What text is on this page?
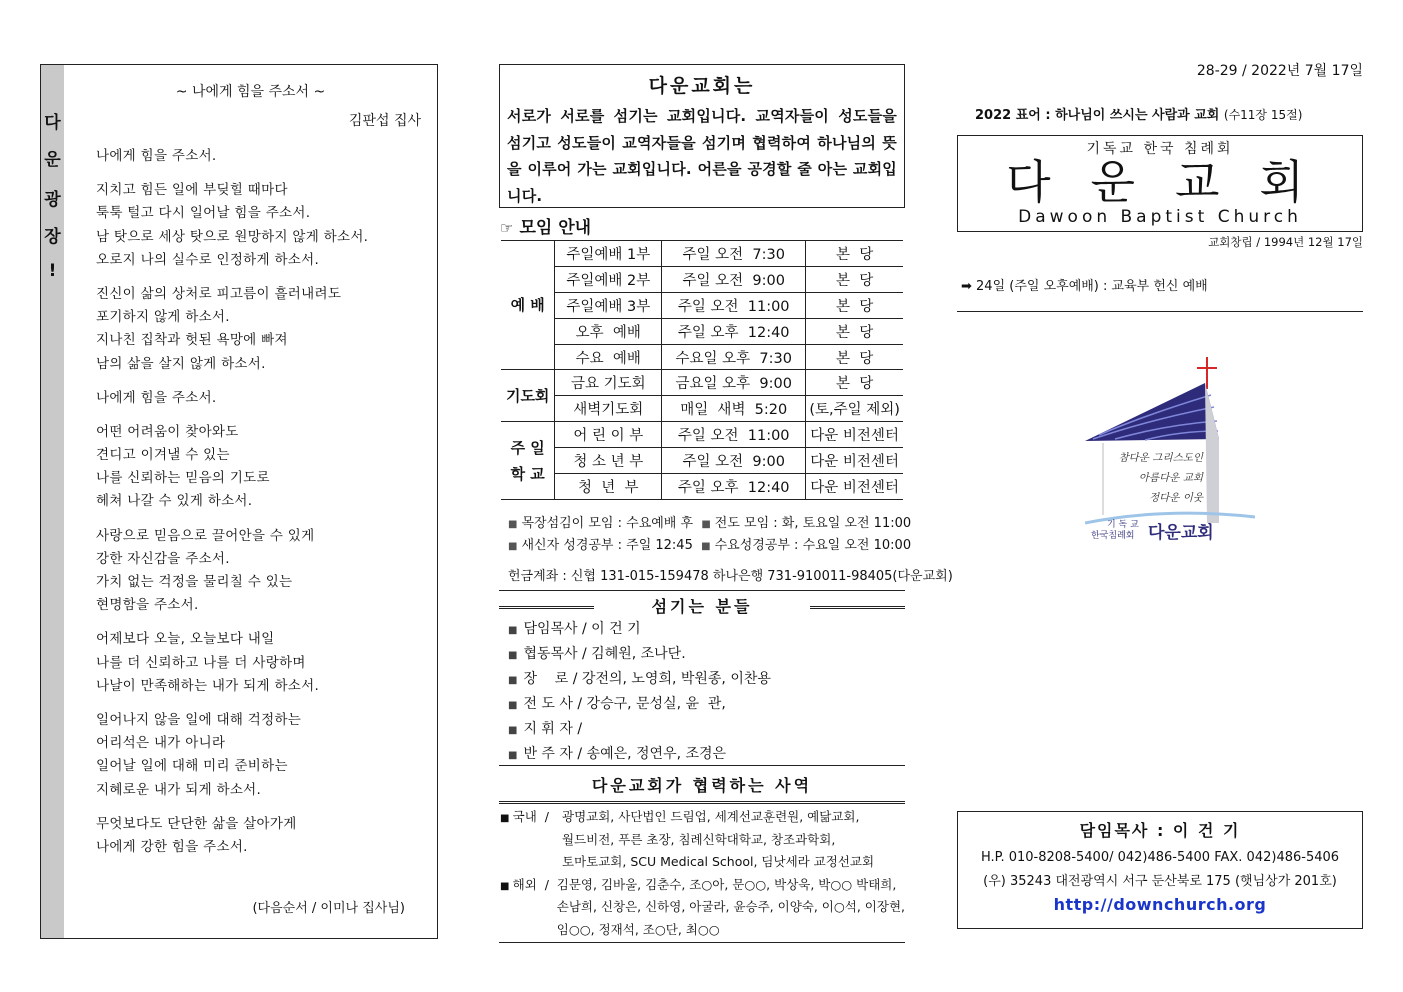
다
운
광
장
!
~ 나에게 힘을 주소서 ~
김판섭 집사
나에게 힘을 주소서.
지치고 힘든 일에 부딪힐 때마다
툭툭 털고 다시 일어날 힘을 주소서.
남 탓으로 세상 탓으로 원망하지 않게 하소서.
오로지 나의 실수로 인정하게 하소서.
진신이 삶의 상처로 피고름이 흘러내려도
포기하지 않게 하소서.
지나친 집착과 헛된 욕망에 빠져
남의 삶을 살지 않게 하소서.
나에게 힘을 주소서.
어떤 어려움이 찾아와도
견디고 이겨낼 수 있는
나를 신뢰하는 믿음의 기도로
헤쳐 나갈 수 있게 하소서.
사랑으로 믿음으로 끌어안을 수 있게
강한 자신감을 주소서.
가치 없는 걱정을 물리칠 수 있는
현명함을 주소서.
어제보다 오늘, 오늘보다 내일
나를 더 신뢰하고 나를 더 사랑하며
나날이 만족해하는 내가 되게 하소서.
일어나지 않을 일에 대해 걱정하는
어리석은 내가 아니라
일어날 일에 대해 미리 준비하는
지혜로운 내가 되게 하소서.
무엇보다도 단단한 삶을 살아가게
나에게 강한 힘을 주소서.
(다음순서 / 이미나 집사님)
다운교회는
서로가 서로를 섬기는 교회입니다. 교역자들이 성도들을 섬기고 성도들이 교역자들을 섬기며 협력하여 하나님의 뜻을 이루어 가는 교회입니다. 어른을 공경할 줄 아는 교회입니다.
☞ 모임 안내
예 배	주일예배 1부	주일 오전  7:30	본  당
	주일예배 2부	주일 오전  9:00	본  당
	주일예배 3부	주일 오전  11:00	본  당
	오후  예배	주일 오후  12:40	본  당
	수요  예배	수요일 오후  7:30	본  당
기도회	금요 기도회	금요일 오후  9:00	본  당
	새벽기도회	매일  새벽  5:20	(토,주일 제외)
주 일
학 교	어 린 이 부	주일 오전  11:00	다운 비전센터
	청 소 년 부	주일 오전  9:00	다운 비전센터
	청  년  부	주일 오후  12:40	다운 비전센터
■ 목장섬김이 모임 : 수요예배 후 ■ 전도 모임 : 화, 토요일 오전 11:00
■ 새신자 성경공부 : 주일 12:45 ■ 수요성경공부 : 수요일 오전 10:00
헌금계좌 : 신협 131-015-159478 하나은행 731-910011-98405(다운교회)
섬기는 분들
■ 담임목사 / 이 건 기
■ 협동목사 / 김혜원, 조나단.
■ 장    로 / 강전의, 노영희, 박원종, 이찬용
■ 전 도 사 / 강승구, 문성실, 윤  관,
■ 지 휘 자 /
■ 반 주 자 / 송예은, 정연우, 조경은
다운교회가 협력하는 사역
■ 국내  /	광명교회, 사단법인 드림업, 세계선교훈련원, 예닮교회,
월드비전, 푸른 초장, 침례신학대학교, 창조과학회,
토마토교회, SCU Medical School, 딤낫세라 교정선교회
■ 해외  / 김문영, 김바울, 김춘수, 조○아, 문○○, 박상욱, 박○○ 박태희,
손남희, 신창은, 신하영, 아굴라, 윤승주, 이양숙, 이○석, 이장현,
임○○, 정재석, 조○단, 최○○
28-29 / 2022년 7월 17일
2022 표어 : 하나님이 쓰시는 사람과 교회 (수11장 15절)
기독교 한국 침례회
다운교회
Dawoon Baptist Church
교회창립 / 1994년 12월 17일
➡ 24일 (주일 오후예배) : 교육부 헌신 예배
참다운 그리스도인
아름다운 교회
정다운 이웃
기 독 교
한국침례회 다운교회
담임목사 : 이 건 기
H.P. 010-8208-5400/ 042)486-5400 FAX. 042)486-5406
(우) 35243 대전광역시 서구 둔산북로 175 (햇님상가 201호)
http://downchurch.org
